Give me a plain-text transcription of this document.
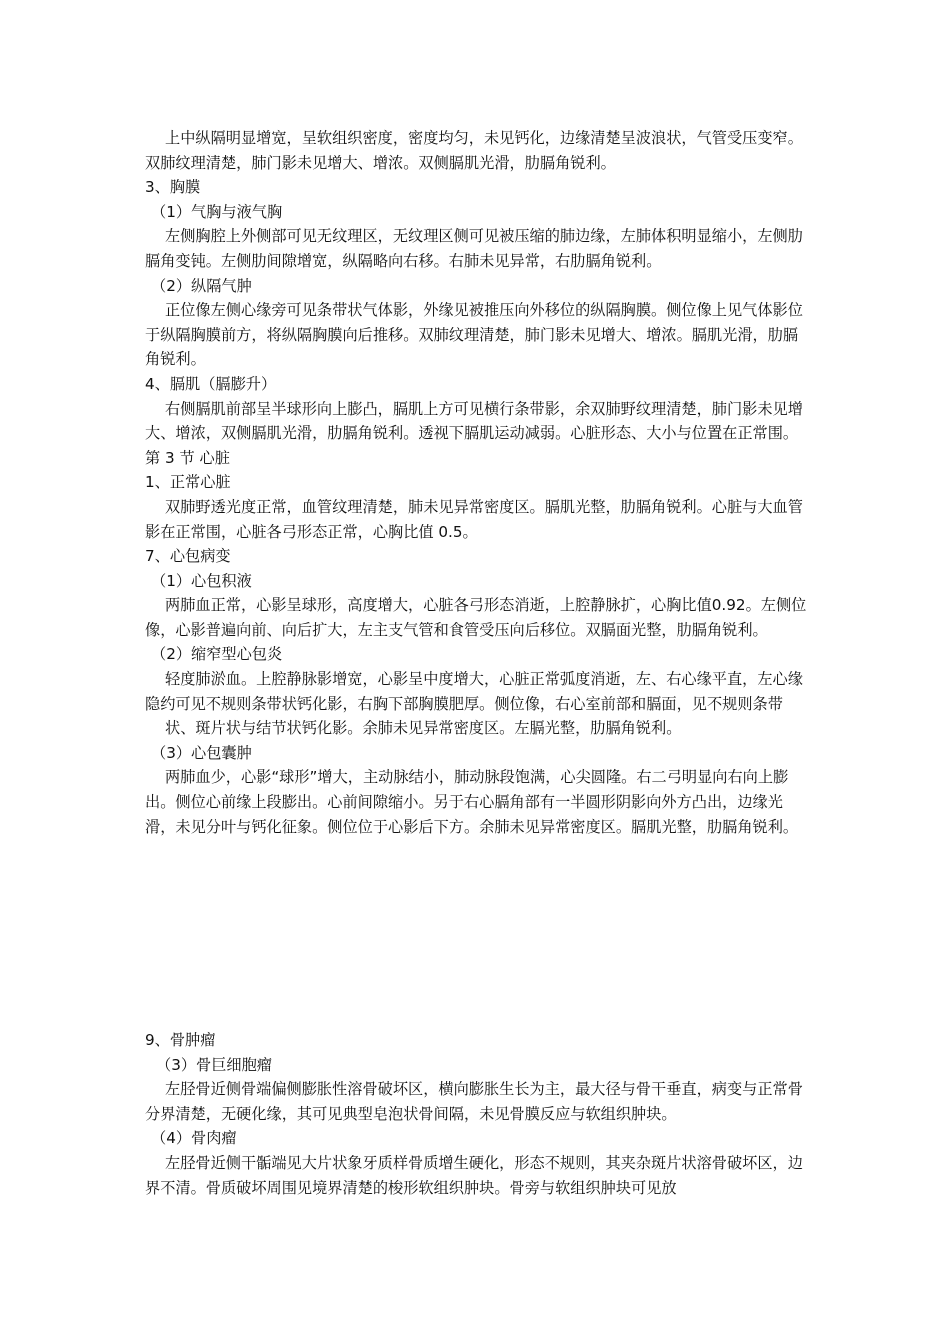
上中纵隔明显增宽，呈软组织密度，密度均匀，未见钙化，边缘清楚呈波浪状，气管受压变窄。双肺纹理清楚，肺门影未见增大、增浓。双侧膈肌光滑，肋膈角锐利。

3、胸膜

（1）气胸与液气胸

左侧胸腔上外侧部可见无纹理区，无纹理区侧可见被压缩的肺边缘，左肺体积明显缩小，左侧肋膈角变钝。左侧肋间隙增宽，纵隔略向右移。右肺未见异常，右肋膈角锐利。

（2）纵隔气肿

正位像左侧心缘旁可见条带状气体影，外缘见被推压向外移位的纵隔胸膜。侧位像上见气体影位于纵隔胸膜前方，将纵隔胸膜向后推移。双肺纹理清楚，肺门影未见增大、增浓。膈肌光滑，肋膈角锐利。

4、膈肌（膈膨升）

右侧膈肌前部呈半球形向上膨凸，膈肌上方可见横行条带影，余双肺野纹理清楚，肺门影未见增大、增浓，双侧膈肌光滑，肋膈角锐利。透视下膈肌运动减弱。心脏形态、大小与位置在正常围。

第 3 节 心脏

1、正常心脏

双肺野透光度正常，血管纹理清楚，肺未见异常密度区。膈肌光整，肋膈角锐利。心脏与大血管影在正常围，心脏各弓形态正常，心胸比值 0.5。

7、心包病变

（1）心包积液

两肺血正常，心影呈球形，高度增大，心脏各弓形态消逝，上腔静脉扩，心胸比值0.92。左侧位像，心影普遍向前、向后扩大，左主支气管和食管受压向后移位。双膈面光整，肋膈角锐利。

（2）缩窄型心包炎

轻度肺淤血。上腔静脉影增宽，心影呈中度增大，心脏正常弧度消逝，左、右心缘平直，左心缘隐约可见不规则条带状钙化影，右胸下部胸膜肥厚。侧位像，右心室前部和膈面，见不规则条带

状、斑片状与结节状钙化影。余肺未见异常密度区。左膈光整，肋膈角锐利。

（3）心包囊肿

两肺血少，心影“球形”增大，主动脉结小，肺动脉段饱满，心尖圆隆。右二弓明显向右向上膨出。侧位心前缘上段膨出。心前间隙缩小。另于右心膈角部有一半圆形阴影向外方凸出，边缘光滑，未见分叶与钙化征象。侧位位于心影后下方。余肺未见异常密度区。膈肌光整，肋膈角锐利。

9、骨肿瘤

（3）骨巨细胞瘤

左胫骨近侧骨端偏侧膨胀性溶骨破坏区，横向膨胀生长为主，最大径与骨干垂直，病变与正常骨分界清楚，无硬化缘，其可见典型皂泡状骨间隔，未见骨膜反应与软组织肿块。

（4）骨肉瘤

左胫骨近侧干骺端见大片状象牙质样骨质增生硬化，形态不规则，其夹杂斑片状溶骨破坏区，边界不清。骨质破坏周围见境界清楚的梭形软组织肿块。骨旁与软组织肿块可见放
